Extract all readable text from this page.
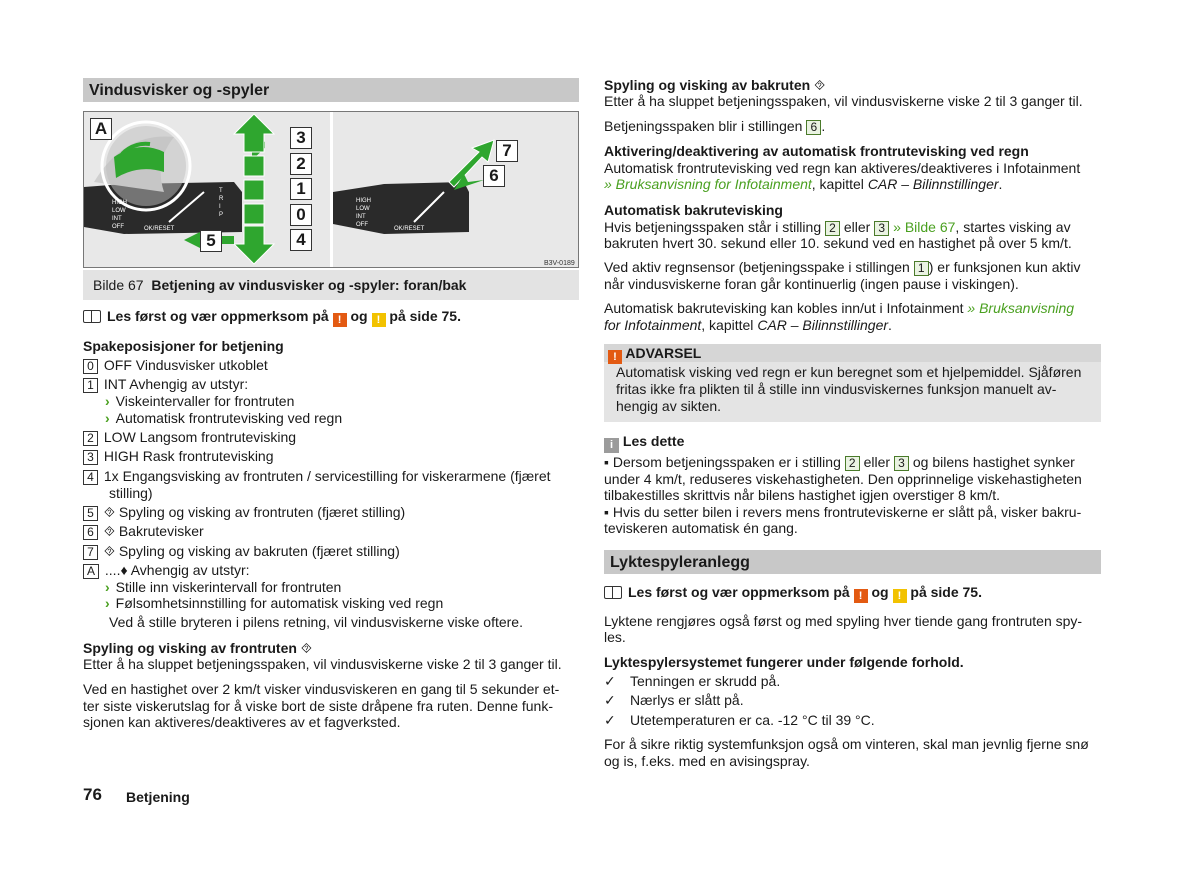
Vindusvisker og -spyler
HIGH
LOW
INT
OFF	OK/RESET
T
R
I
P
HIGH
LOW
INT
OFF
OK/RESET
B3V-0189
A	3
2
1
0
4
5
7
6
Bilde 67 Betjening av vindusvisker og -spyler: foran/bak
Les først og vær oppmerksom på ! og ! på side 75.
Spakeposisjoner for betjening
0 OFF Vindusvisker utkoblet
1 INT Avhengig av utstyr:
› Viskeintervaller for frontruten
› Automatisk frontrutevisking ved regn
2 LOW Langsom frontrutevisking
3 HIGH Rask frontrutevisking
4 1x Engangsvisking av frontruten / servicestilling for viskerarmene (fjæret
stilling)
5 ⯑ Spyling og visking av frontruten (fjæret stilling)
6 ⯑ Bakrutevisker
7 ⯑ Spyling og visking av bakruten (fjæret stilling)
A ....♦ Avhengig av utstyr:
› Stille inn viskerintervall for frontruten
› Følsomhetsinnstilling for automatisk visking ved regn
Ved å stille bryteren i pilens retning, vil vindusviskerne viske oftere.
Spyling og visking av frontruten ⯑
Etter å ha sluppet betjeningsspaken, vil vindusviskerne viske 2 til 3 ganger til.
Ved en hastighet over 2 km/t visker vindusviskeren en gang til 5 sekunder et-
ter siste viskerutslag for å viske bort de siste dråpene fra ruten. Denne funk-
sjonen kan aktiveres/deaktiveres av et fagverksted.
76 Betjening
Spyling og visking av bakruten ⯑
Etter å ha sluppet betjeningsspaken, vil vindusviskerne viske 2 til 3 ganger til.
Betjeningsspaken blir i stillingen 6 .
Aktivering/deaktivering av automatisk frontrutevisking ved regn
Automatisk frontrutevisking ved regn kan aktiveres/deaktiveres i Infotainment
» Bruksanvisning for Infotainment, kapittel CAR – Bilinnstillinger.
Automatisk bakrutevisking
Hvis betjeningsspaken står i stilling 2 eller 3 » Bilde 67, startes visking av
bakruten hvert 30. sekund eller 10. sekund ved en hastighet på over 5 km/t.
Ved aktiv regnsensor (betjeningsspake i stillingen 1 ) er funksjonen kun aktiv
når vindusviskerne foran går kontinuerlig (ingen pause i viskingen).
Automatisk bakrutevisking kan kobles inn/ut i Infotainment » Bruksanvisning
for Infotainment, kapittel CAR – Bilinnstillinger.
! ADVARSEL
Automatisk visking ved regn er kun beregnet som et hjelpemiddel. Sjåføren
fritas ikke fra plikten til å stille inn vindusviskernes funksjon manuelt av-
hengig av sikten.
i Les dette
▪ Dersom betjeningsspaken er i stilling 2 eller 3 og bilens hastighet synker
under 4 km/t, reduseres viskehastigheten. Den opprinnelige viskehastigheten
tilbakestilles skrittvis når bilens hastighet igjen overstiger 8 km/t.
▪ Hvis du setter bilen i revers mens frontruteviskerne er slått på, visker bakru-
teviskeren automatisk én gang.
Lyktespyleranlegg
Les først og vær oppmerksom på ! og ! på side 75.
Lyktene rengjøres også først og med spyling hver tiende gang frontruten spy-
les.
Lyktespylersystemet fungerer under følgende forhold.
✓ Tenningen er skrudd på.
✓ Nærlys er slått på.
✓ Utetemperaturen er ca. -12 °C til 39 °C.
For å sikre riktig systemfunksjon også om vinteren, skal man jevnlig fjerne snø
og is, f.eks. med en avisingspray.
